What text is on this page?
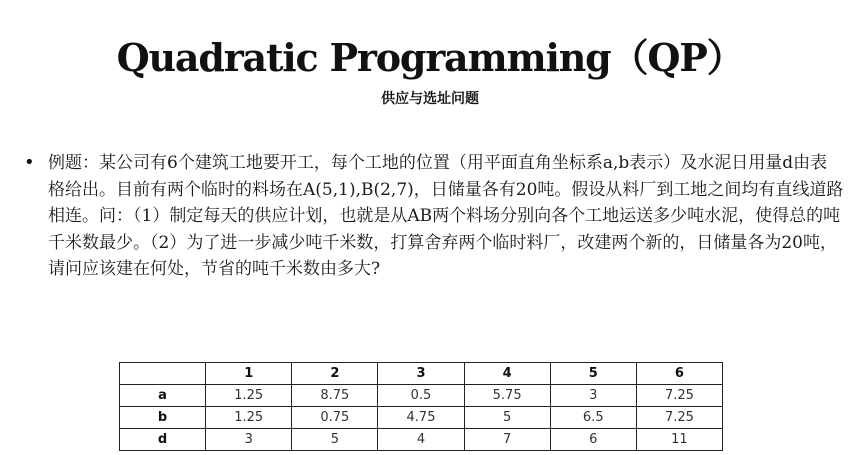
Quadratic Programming（QP）
供应与选址问题
• 例题：某公司有6个建筑工地要开工，每个工地的位置（用平面直角坐标系a,b表示）及水泥日用量d由表格给出。目前有两个临时的料场在A(5,1),B(2,7)，日储量各有20吨。假设从料厂到工地之间均有直线道路相连。问：（1）制定每天的供应计划，也就是从AB两个料场分别向各个工地运送多少吨水泥，使得总的吨千米数最少。（2）为了进一步减少吨千米数，打算舍弃两个临时料厂，改建两个新的，日储量各为20吨，请问应该建在何处，节省的吨千米数由多大?
	1	2	3	4	5	6
a	1.25	8.75	0.5	5.75	3	7.25
b	1.25	0.75	4.75	5	6.5	7.25
d	3	5	4	7	6	11
